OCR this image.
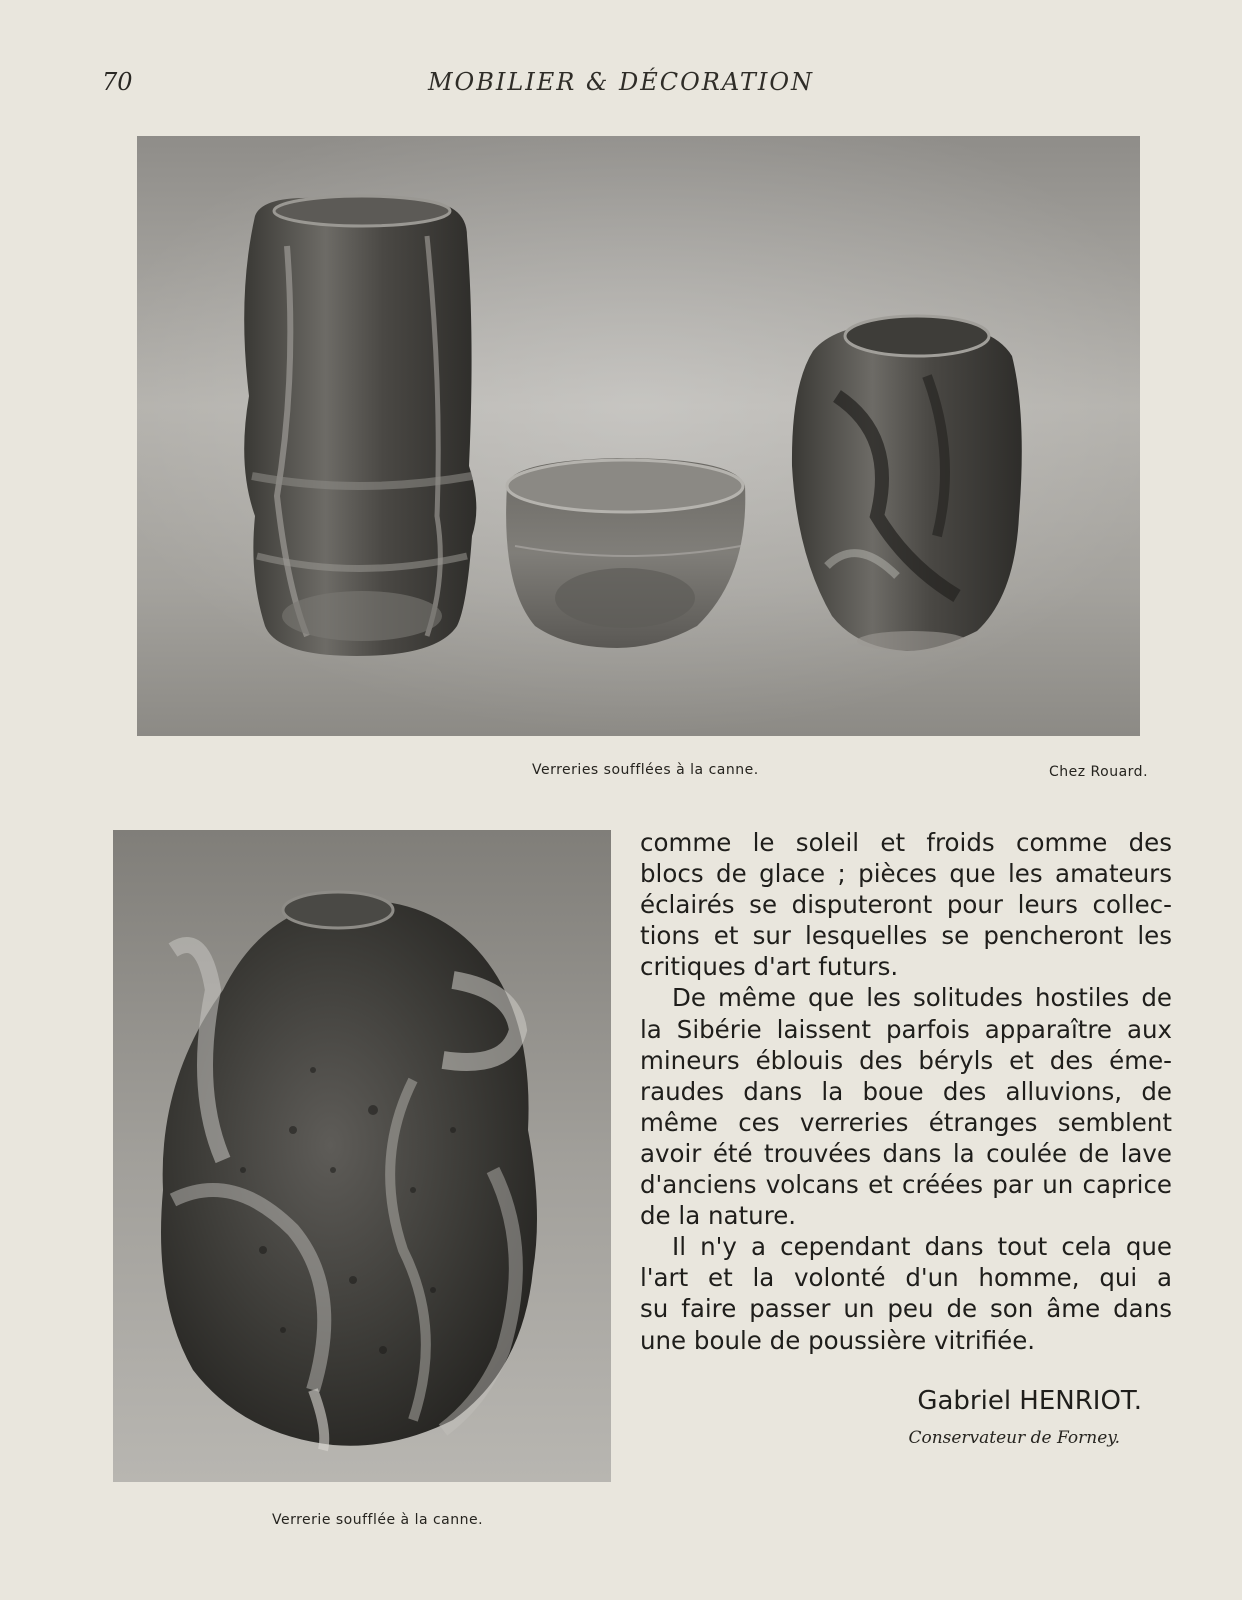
70	MOBILIER & DÉCORATION
Verreries soufflées à la canne.	Chez Rouard.
Verrerie soufflée à la canne.
comme le soleil et froids comme des
blocs de glace ; pièces que les amateurs
éclairés se disputeront pour leurs collec-
tions et sur lesquelles se pencheront les
critiques d'art futurs.
De même que les solitudes hostiles de
la Sibérie laissent parfois apparaître aux
mineurs éblouis des béryls et des éme-
raudes dans la boue des alluvions, de
même ces verreries étranges semblent
avoir été trouvées dans la coulée de lave
d'anciens volcans et créées par un caprice
de la nature.
Il n'y a cependant dans tout cela que
l'art et la volonté d'un homme, qui a
su faire passer un peu de son âme dans
une boule de poussière vitrifiée.
Gabriel HENRIOT.
Conservateur de Forney.
